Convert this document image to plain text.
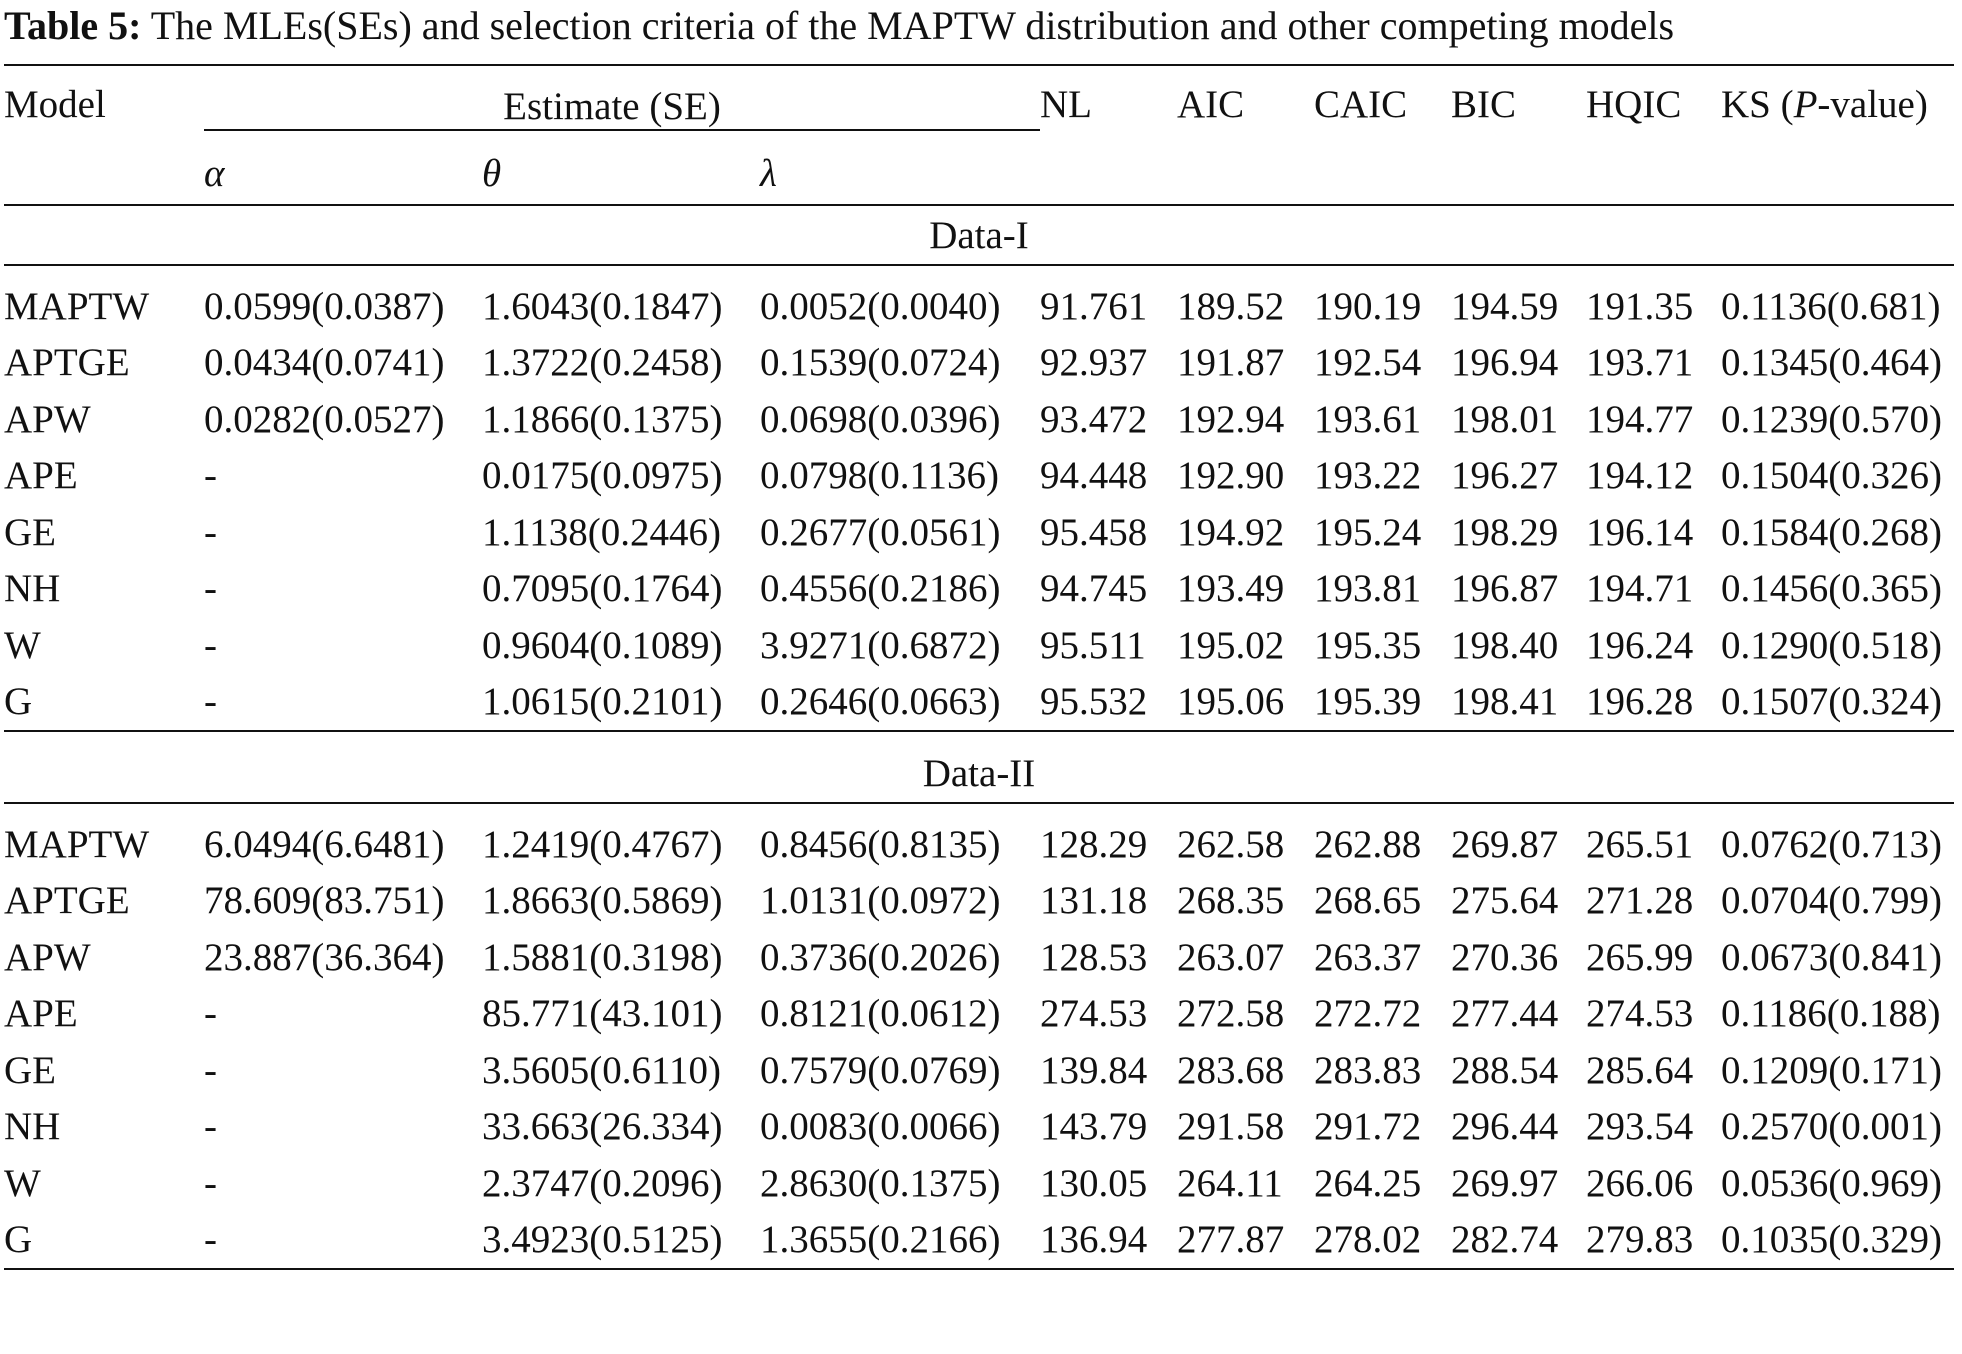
Table 5: The MLEs(SEs) and selection criteria of the MAPTW distribution and other competing models

Model	Estimate (SE)			NL	AIC	CAIC	BIC	HQIC	KS (P-value)
	α	θ	λ						
Data-I									

MAPTW	0.0599(0.0387)	1.6043(0.1847)	0.0052(0.0040)	91.761	189.52	190.19	194.59	191.35	0.1136(0.681)
APTGE	0.0434(0.0741)	1.3722(0.2458)	0.1539(0.0724)	92.937	191.87	192.54	196.94	193.71	0.1345(0.464)
APW	0.0282(0.0527)	1.1866(0.1375)	0.0698(0.0396)	93.472	192.94	193.61	198.01	194.77	0.1239(0.570)
APE	-	0.0175(0.0975)	0.0798(0.1136)	94.448	192.90	193.22	196.27	194.12	0.1504(0.326)
GE	-	1.1138(0.2446)	0.2677(0.0561)	95.458	194.92	195.24	198.29	196.14	0.1584(0.268)
NH	-	0.7095(0.1764)	0.4556(0.2186)	94.745	193.49	193.81	196.87	194.71	0.1456(0.365)
W	-	0.9604(0.1089)	3.9271(0.6872)	95.511	195.02	195.35	198.40	196.24	0.1290(0.518)
G	-	1.0615(0.2101)	0.2646(0.0663)	95.532	195.06	195.39	198.41	196.28	0.1507(0.324)

Data-II									

MAPTW	6.0494(6.6481)	1.2419(0.4767)	0.8456(0.8135)	128.29	262.58	262.88	269.87	265.51	0.0762(0.713)
APTGE	78.609(83.751)	1.8663(0.5869)	1.0131(0.0972)	131.18	268.35	268.65	275.64	271.28	0.0704(0.799)
APW	23.887(36.364)	1.5881(0.3198)	0.3736(0.2026)	128.53	263.07	263.37	270.36	265.99	0.0673(0.841)
APE	-	85.771(43.101)	0.8121(0.0612)	274.53	272.58	272.72	277.44	274.53	0.1186(0.188)
GE	-	3.5605(0.6110)	0.7579(0.0769)	139.84	283.68	283.83	288.54	285.64	0.1209(0.171)
NH	-	33.663(26.334)	0.0083(0.0066)	143.79	291.58	291.72	296.44	293.54	0.2570(0.001)
W	-	2.3747(0.2096)	2.8630(0.1375)	130.05	264.11	264.25	269.97	266.06	0.0536(0.969)
G	-	3.4923(0.5125)	1.3655(0.2166)	136.94	277.87	278.02	282.74	279.83	0.1035(0.329)
